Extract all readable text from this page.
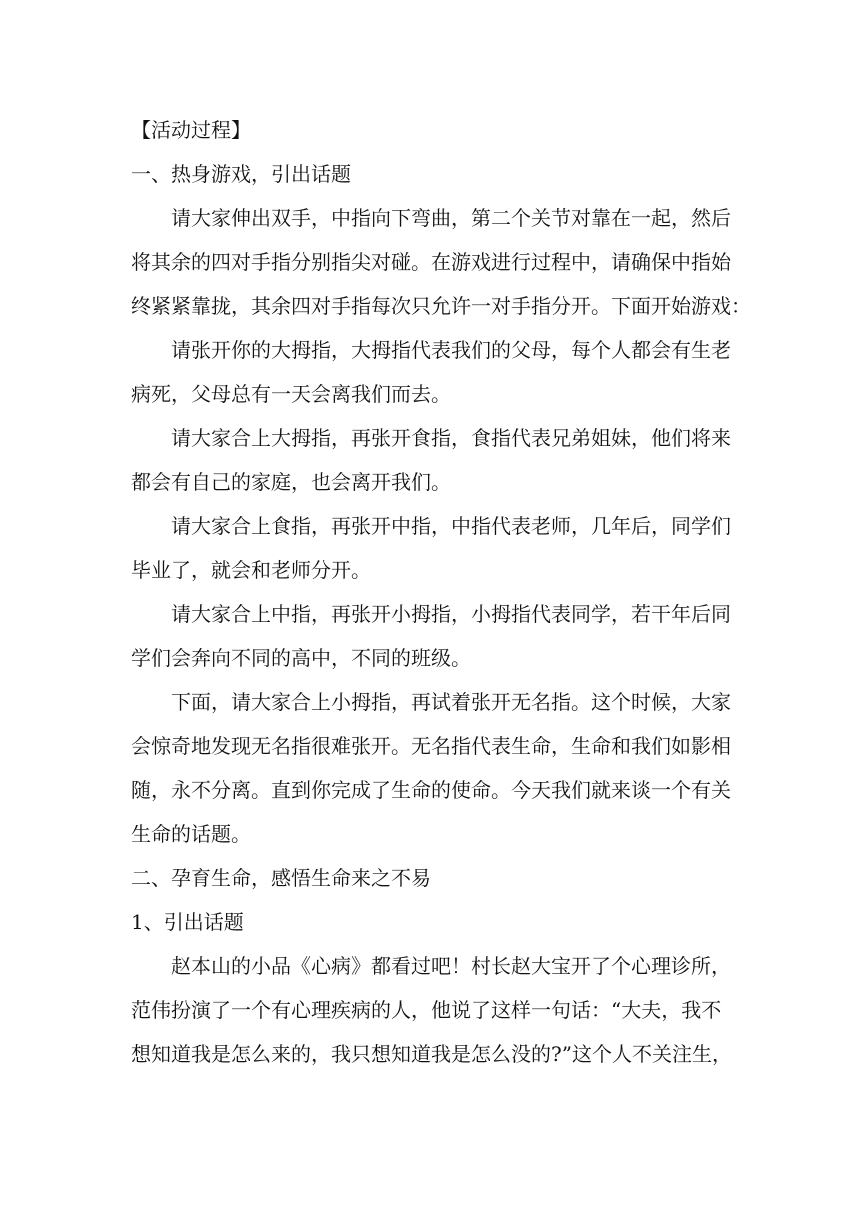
【活动过程】
一、热身游戏，引出话题
请大家伸出双手，中指向下弯曲，第二个关节对靠在一起，然后
将其余的四对手指分别指尖对碰。在游戏进行过程中，请确保中指始
终紧紧靠拢，其余四对手指每次只允许一对手指分开。下面开始游戏：
请张开你的大拇指，大拇指代表我们的父母，每个人都会有生老
病死，父母总有一天会离我们而去。
请大家合上大拇指，再张开食指，食指代表兄弟姐妹，他们将来
都会有自己的家庭，也会离开我们。
请大家合上食指，再张开中指，中指代表老师，几年后，同学们
毕业了，就会和老师分开。
请大家合上中指，再张开小拇指，小拇指代表同学，若干年后同
学们会奔向不同的高中，不同的班级。
下面，请大家合上小拇指，再试着张开无名指。这个时候，大家
会惊奇地发现无名指很难张开。无名指代表生命，生命和我们如影相
随，永不分离。直到你完成了生命的使命。今天我们就来谈一个有关
生命的话题。
二、孕育生命，感悟生命来之不易
1、引出话题
赵本山的小品《心病》都看过吧！村长赵大宝开了个心理诊所，
范伟扮演了一个有心理疾病的人，他说了这样一句话：“大夫，我不
想知道我是怎么来的，我只想知道我是怎么没的?”这个人不关注生，
